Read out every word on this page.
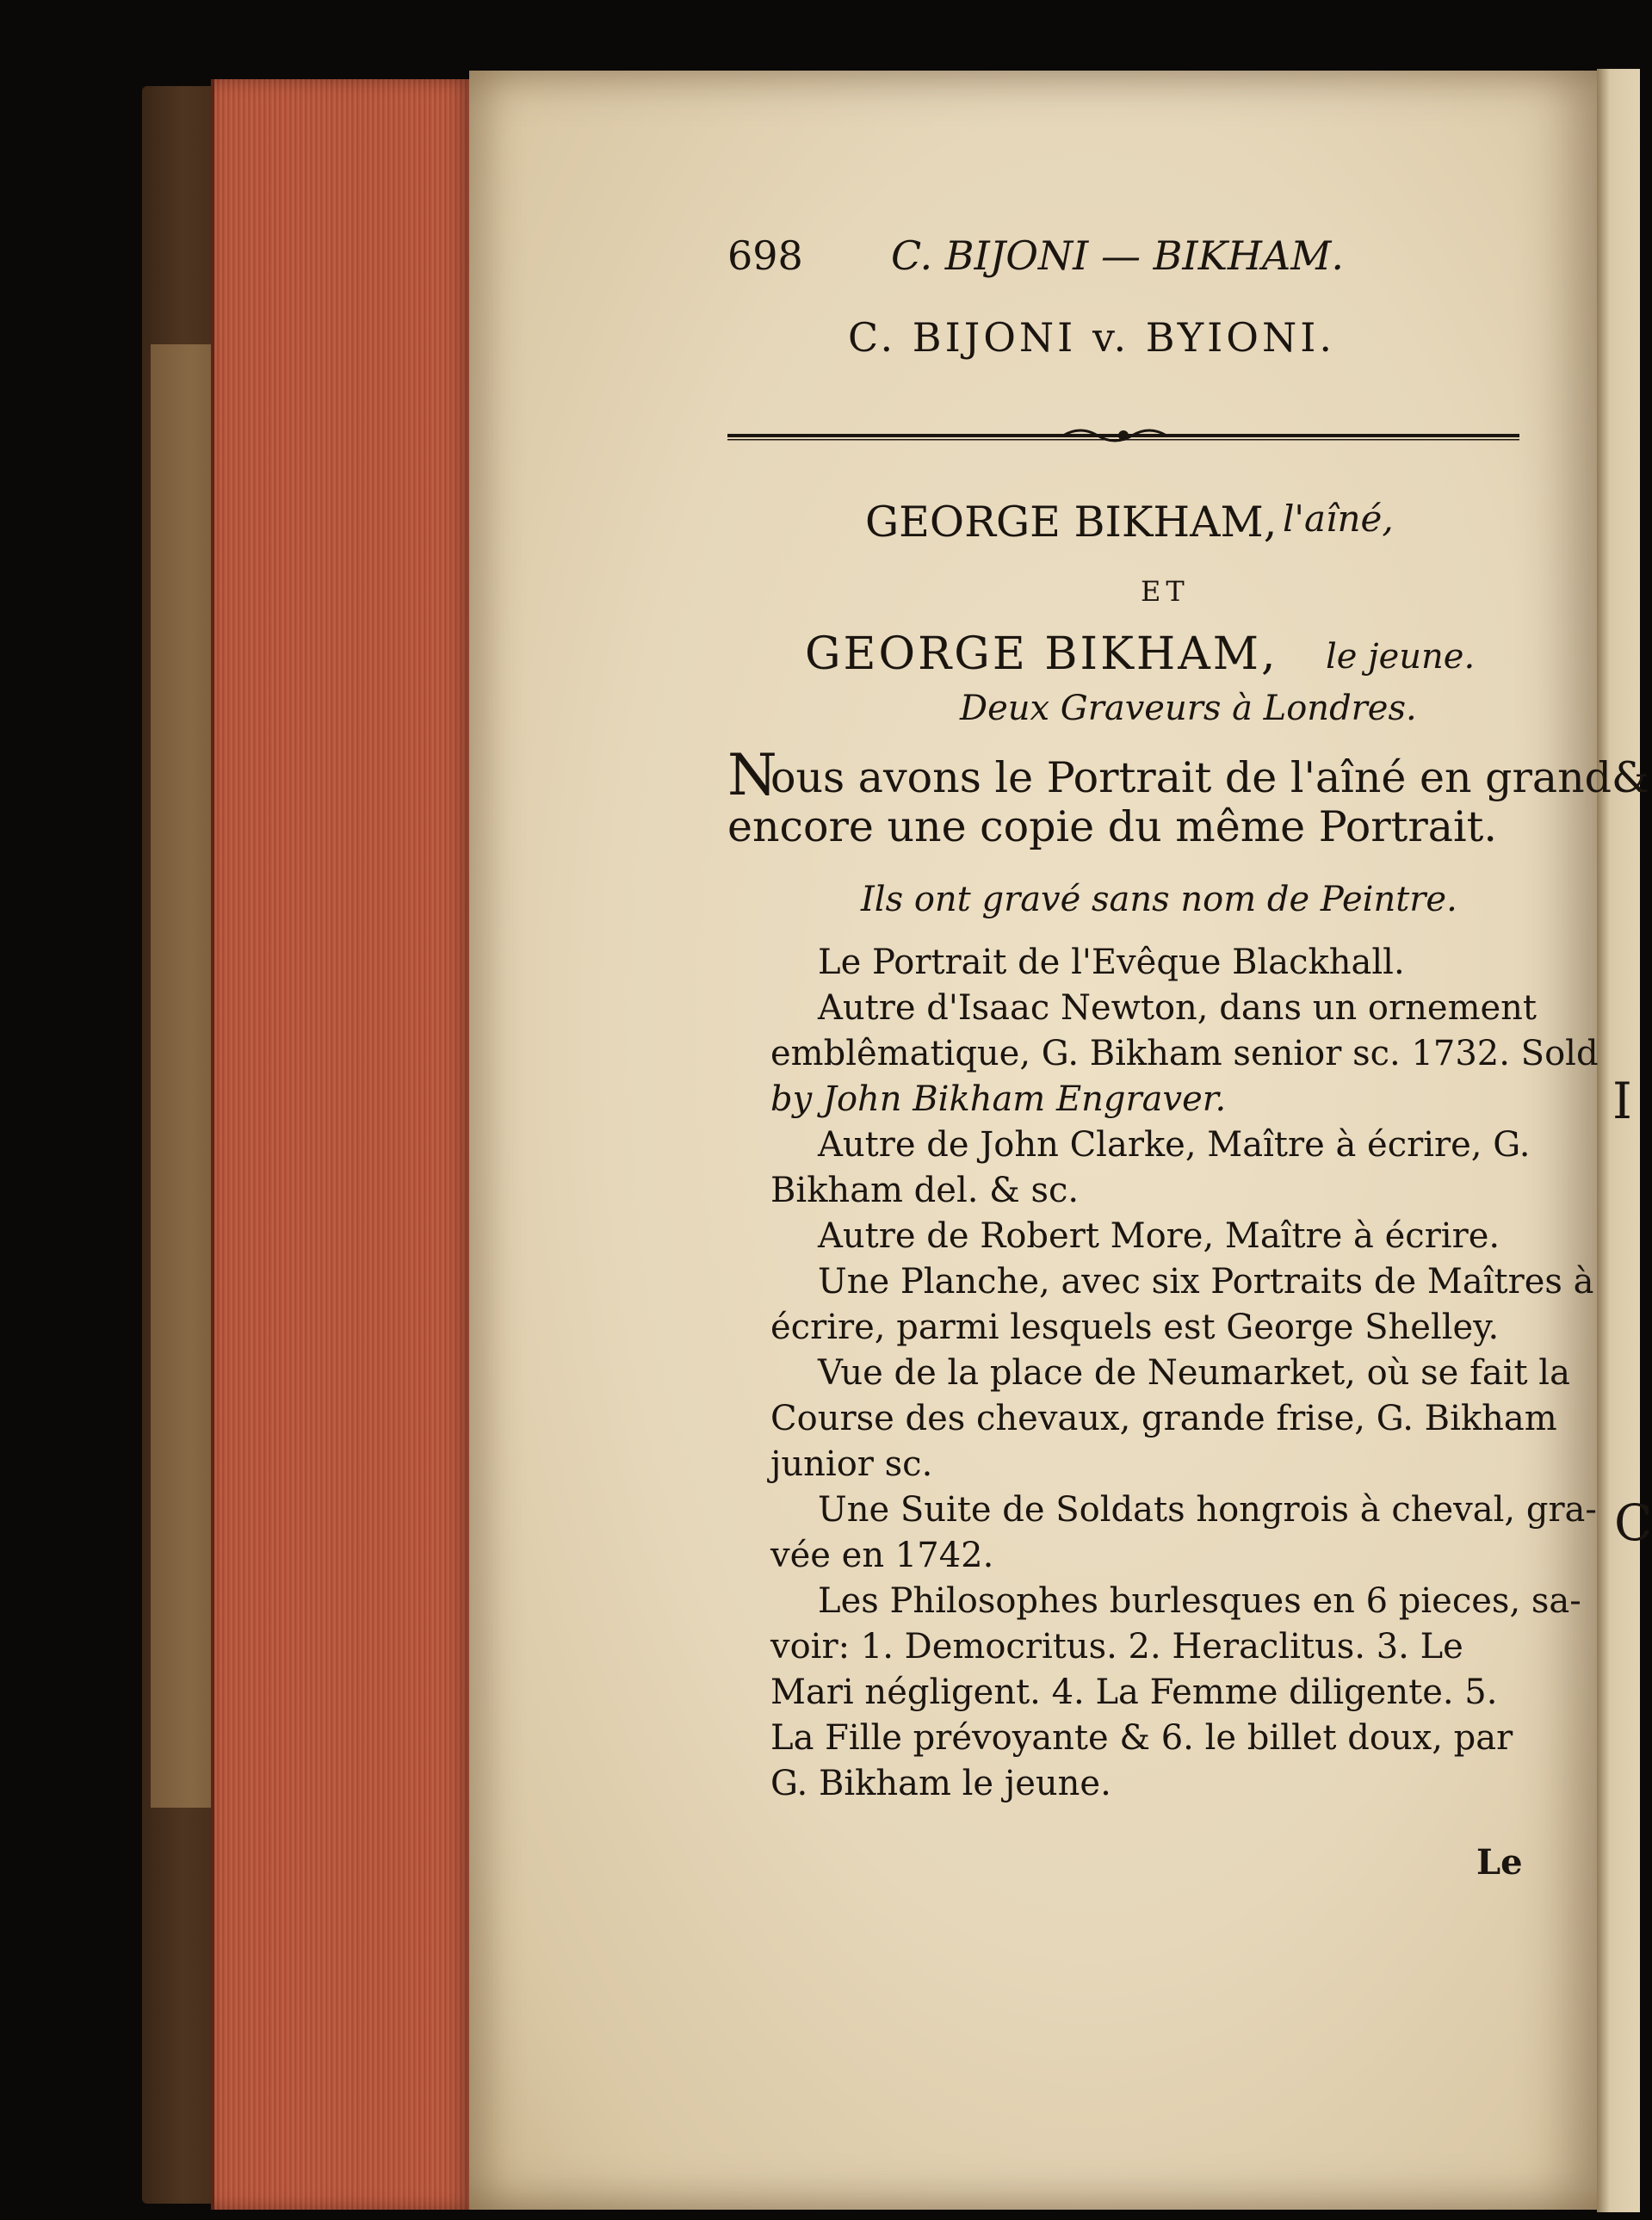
I
C

698 C. BIJONI — BIKHAM.

C. BIJONI v. BYIONI.

GEORGE BIKHAM, l'aîné,

ET

GEORGE BIKHAM, le jeune.

Deux Graveurs à Londres.

N

ous avons le Portrait de l'aîné en grand&

encore une copie du même Portrait.

Ils ont gravé sans nom de Peintre.

Le Portrait de l'Evêque Blackhall.

Autre d'Isaac Newton, dans un ornement

emblêmatique, G. Bikham senior sc. 1732. Sold

by John Bikham Engraver.

Autre de John Clarke, Maître à écrire, G.

Bikham del. & sc.

Autre de Robert More, Maître à écrire.

Une Planche, avec six Portraits de Maîtres à

écrire, parmi lesquels est George Shelley.

Vue de la place de Neumarket, où se fait la

Course des chevaux, grande frise, G. Bikham

junior sc.

Une Suite de Soldats hongrois à cheval, gra-

vée en 1742.

Les Philosophes burlesques en 6 pieces, sa-

voir: 1. Democritus. 2. Heraclitus. 3. Le

Mari négligent. 4. La Femme diligente. 5.

La Fille prévoyante & 6. le billet doux, par

G. Bikham le jeune.

Le
